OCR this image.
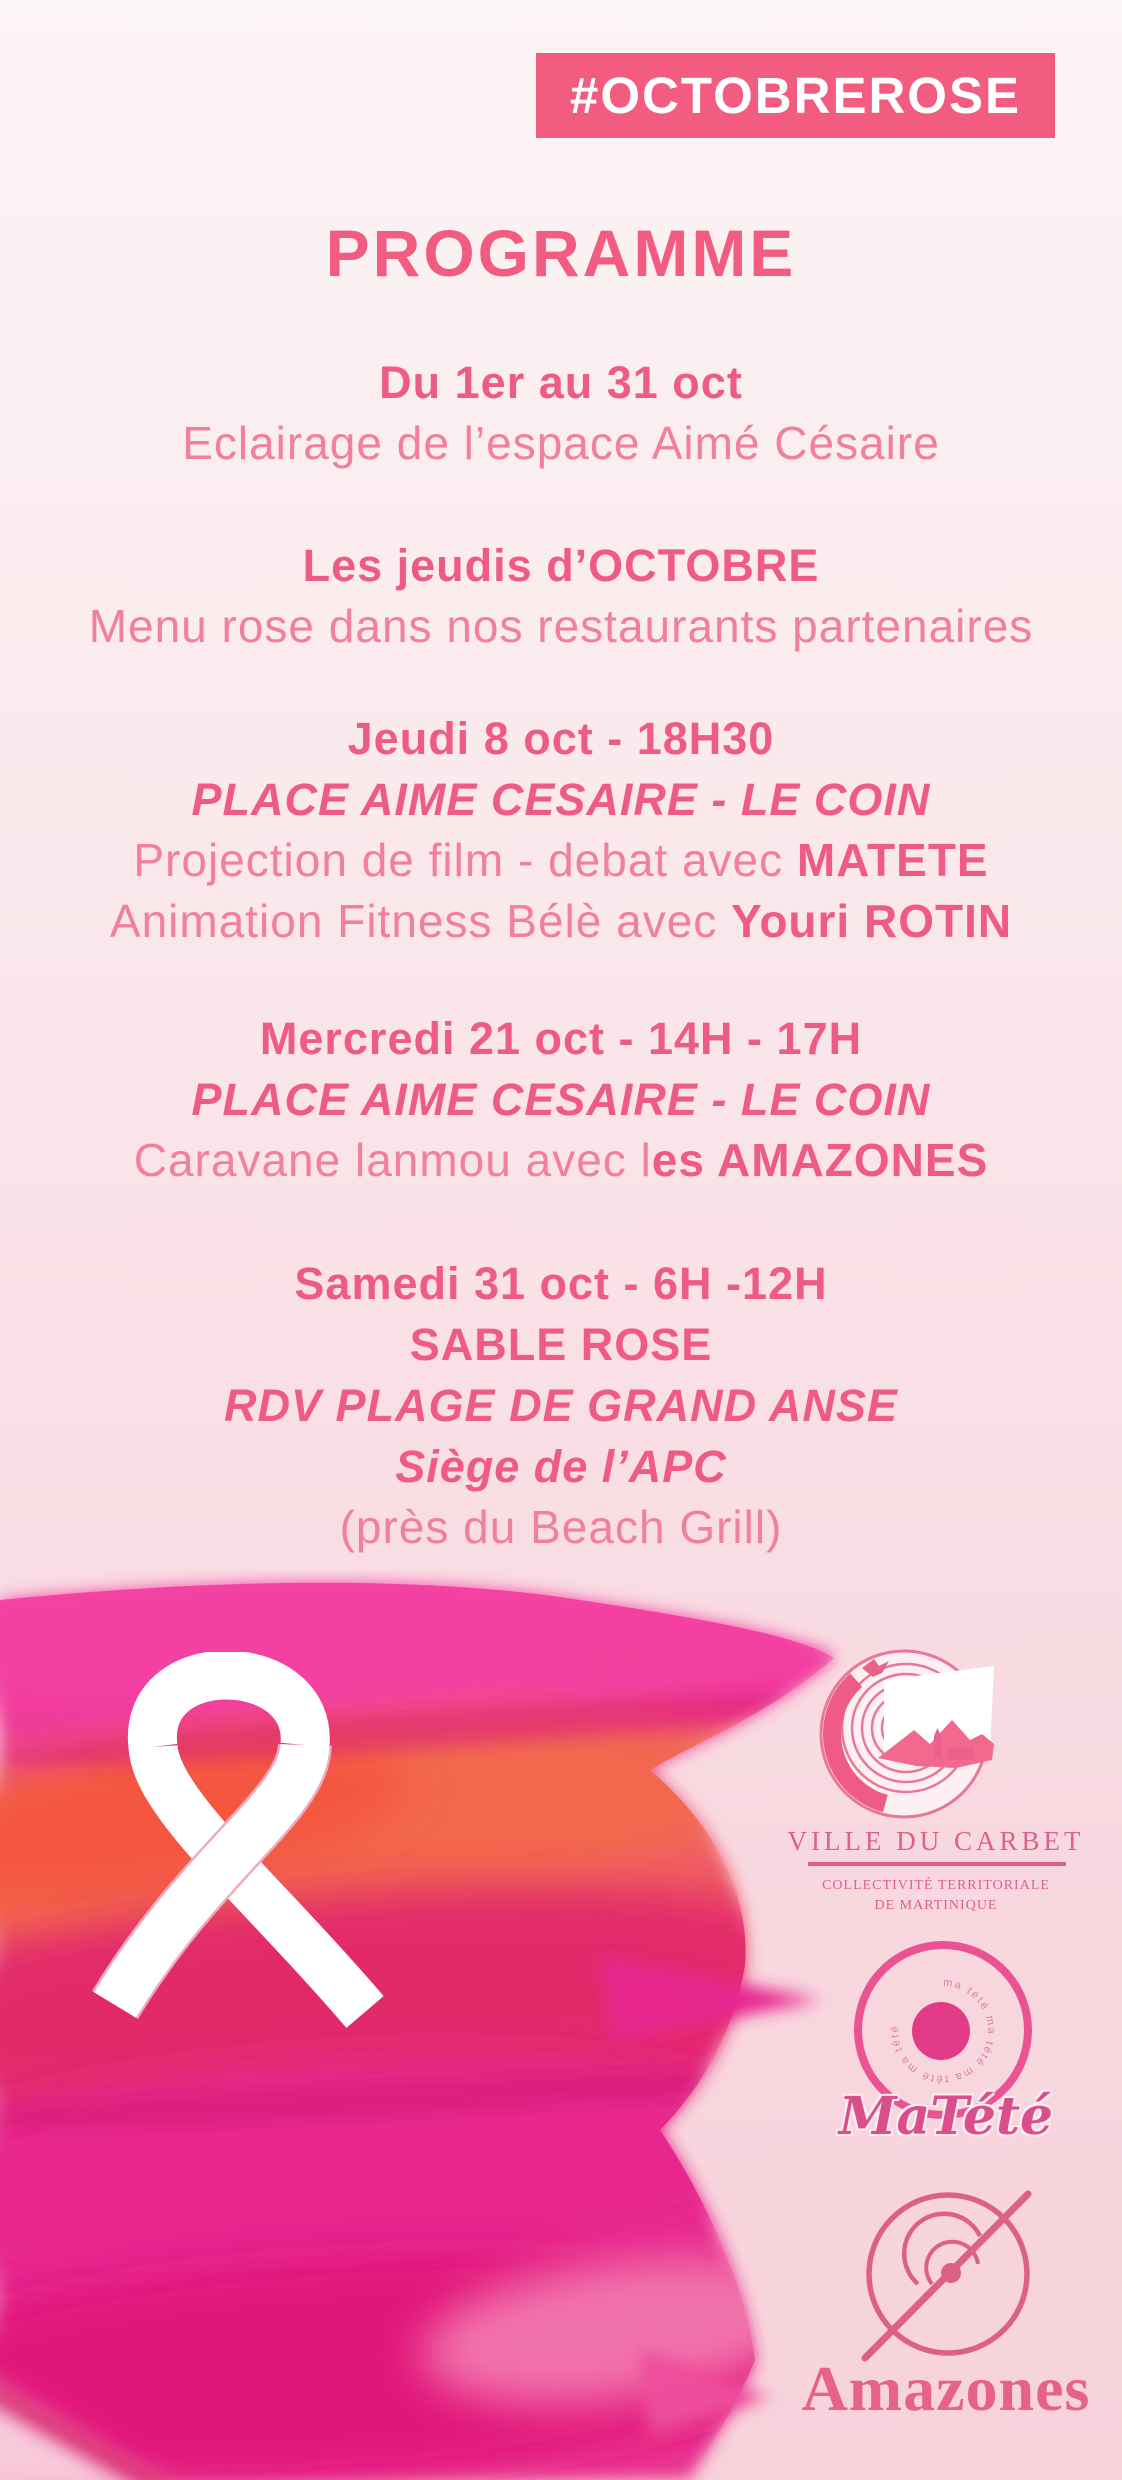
#OCTOBREROSE
PROGRAMME
Du 1er au 31 oct
Eclairage de l’espace Aimé Césaire
Les jeudis d’OCTOBRE
Menu rose dans nos restaurants partenaires
Jeudi 8 oct - 18H30
PLACE AIME CESAIRE - LE COIN
Projection de film - debat avec MATETE
Animation Fitness Bélè avec Youri ROTIN
Mercredi 21 oct - 14H - 17H
PLACE AIME CESAIRE - LE COIN
Caravane lanmou avec les AMAZONES
Samedi 31 oct - 6H -12H
SABLE ROSE
RDV PLAGE DE GRAND ANSE
Siège de l’APC
(près du Beach Grill)
VILLE DU CARBET
COLLECTIVITÉ TERRITORIALE
DE MARTINIQUE
ma tété ma tété ma tété ma tété
MaTété
Amazones
